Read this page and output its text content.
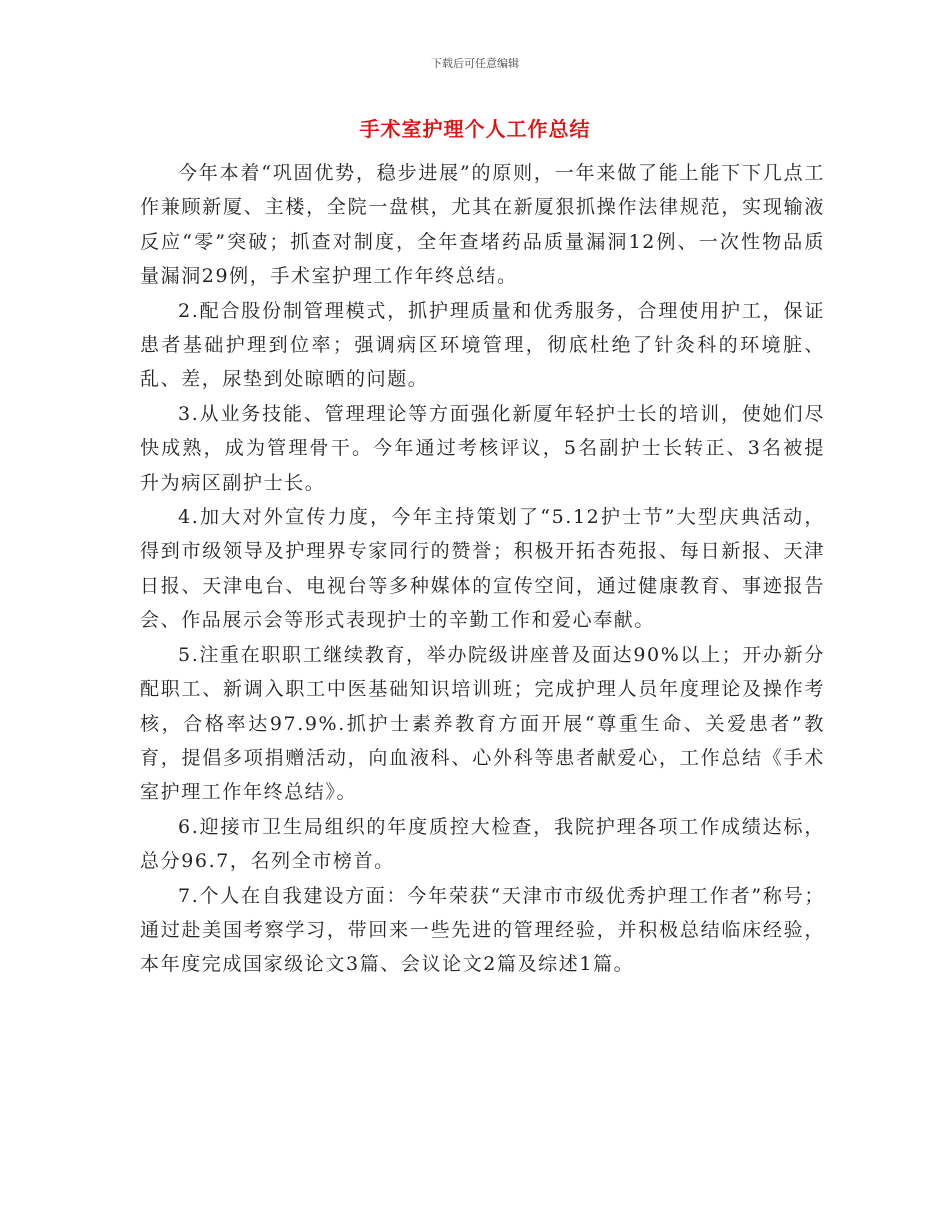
下载后可任意编辑
手术室护理个人工作总结

今年本着“巩固优势，稳步进展”的原则，一年来做了能上能下下几点工作兼顾新厦、主楼，全院一盘棋，尤其在新厦狠抓操作法律规范，实现输液反应“零”突破；抓查对制度，全年查堵药品质量漏洞12例、一次性物品质量漏洞29例，手术室护理工作年终总结。

2.配合股份制管理模式，抓护理质量和优秀服务，合理使用护工，保证患者基础护理到位率；强调病区环境管理，彻底杜绝了针灸科的环境脏、乱、差，尿垫到处晾晒的问题。

3.从业务技能、管理理论等方面强化新厦年轻护士长的培训，使她们尽快成熟，成为管理骨干。今年通过考核评议，5名副护士长转正、3名被提升为病区副护士长。

4.加大对外宣传力度，今年主持策划了“5.12护士节”大型庆典活动，得到市级领导及护理界专家同行的赞誉；积极开拓杏苑报、每日新报、天津日报、天津电台、电视台等多种媒体的宣传空间，通过健康教育、事迹报告会、作品展示会等形式表现护士的辛勤工作和爱心奉献。

5.注重在职职工继续教育，举办院级讲座普及面达90%以上；开办新分配职工、新调入职工中医基础知识培训班；完成护理人员年度理论及操作考核，合格率达97.9%.抓护士素养教育方面开展“尊重生命、关爱患者”教育，提倡多项捐赠活动，向血液科、心外科等患者献爱心，工作总结《手术室护理工作年终总结》。

6.迎接市卫生局组织的年度质控大检查，我院护理各项工作成绩达标，总分96.7，名列全市榜首。

7.个人在自我建设方面：今年荣获“天津市市级优秀护理工作者”称号；通过赴美国考察学习，带回来一些先进的管理经验，并积极总结临床经验，本年度完成国家级论文3篇、会议论文2篇及综述1篇。
